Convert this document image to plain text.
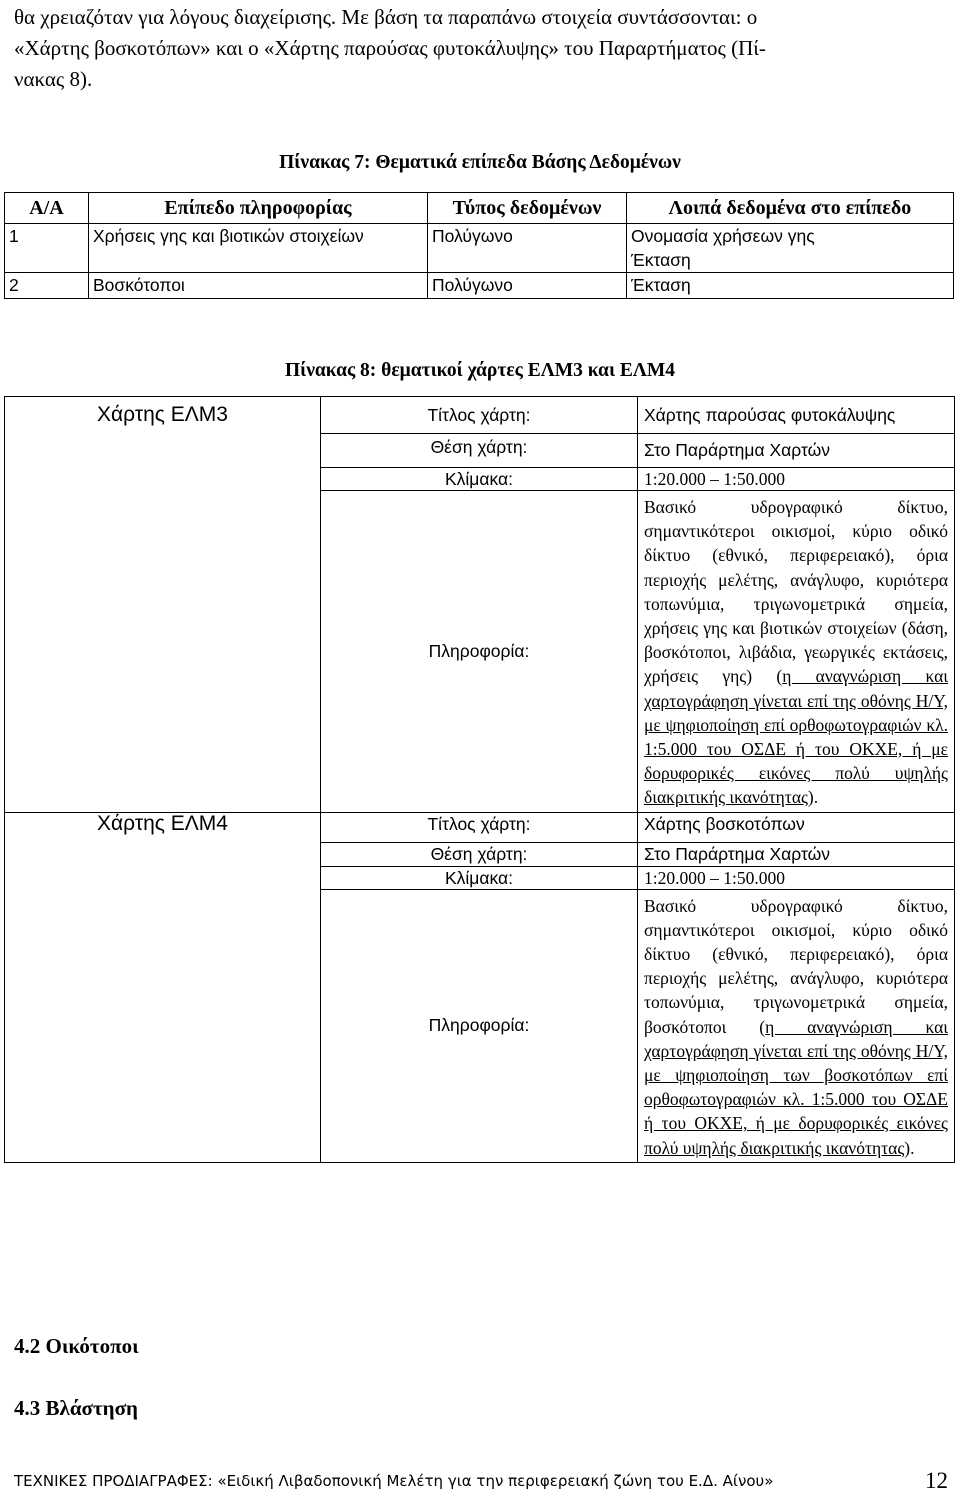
θα χρειαζόταν για λόγους διαχείρισης. Με βάση τα παραπάνω στοιχεία συντάσσονται: ο

«Χάρτης βοσκοτόπων» και ο «Χάρτης παρούσας φυτοκάλυψης» του Παραρτήματος (Πί-

νακας 8).

Πίνακας 7: Θεματικά επίπεδα Βάσης Δεδομένων
Α/Α	Επίπεδο πληροφορίας	Τύπος δεδομένων	Λοιπά δεδομένα στο επίπεδο
1	Χρήσεις γης και βιοτικών στοιχείων	Πολύγωνο	Ονομασία χρήσεων γης
Έκταση

2	Βοσκότοποι	Πολύγωνο	Έκταση
Πίνακας 8: θεματικοί χάρτες ΕΛΜ3 και ΕΛΜ4
Χάρτης ΕΛΜ3	Τίτλος χάρτη:	Χάρτης παρούσας φυτοκάλυψης
	Θέση χάρτη:	Στο Παράρτημα Χαρτών
	Κλίμακα:	1:20.000 – 1:50.000
	Πληροφορία:	Βασικό υδρογραφικό δίκτυο, σημαντικότεροι οικισμοί, κύριο οδικό δίκτυο (εθνικό, περιφερειακό), όρια περιοχής μελέτης, ανάγλυφο, κυριότερα τοπωνύμια, τριγωνομετρικά σημεία, χρήσεις γης και βιοτικών στοιχείων (δάση, βοσκότοποι, λιβάδια, γεωργικές εκτάσεις, χρήσεις γης) (η αναγνώριση και χαρτογράφηση γίνεται επί της οθόνης Η/Υ, με ψηφιοποίηση επί ορθοφωτογραφιών κλ. 1:5.000 του ΟΣΔΕ ή του ΟΚΧΕ, ή με δορυφορικές εικόνες πολύ υψηλής διακριτικής ικανότητας).
Χάρτης ΕΛΜ4	Τίτλος χάρτη:	Χάρτης βοσκοτόπων
	Θέση χάρτη:	Στο Παράρτημα Χαρτών
	Κλίμακα:	1:20.000 – 1:50.000
	Πληροφορία:	Βασικό υδρογραφικό δίκτυο, σημαντικότεροι οικισμοί, κύριο οδικό δίκτυο (εθνικό, περιφερειακό), όρια περιοχής μελέτης, ανάγλυφο, κυριότερα τοπωνύμια, τριγωνομετρικά σημεία, βοσκότοποι (η αναγνώριση και χαρτογράφηση γίνεται επί της οθόνης Η/Υ, με ψηφιοποίηση των βοσκοτόπων επί ορθοφωτογραφιών κλ. 1:5.000 του ΟΣΔΕ ή του ΟΚΧΕ, ή με δορυφορικές εικόνες πολύ υψηλής διακριτικής ικανότητας).
4.2 Οικότοποι
4.3 Βλάστηση
ΤΕΧΝΙΚΕΣ ΠΡΟΔΙΑΓΡΑΦΕΣ: «Ειδική Λιβαδοπονική Μελέτη για την περιφερειακή ζώνη του Ε.Δ. Αίνου»	12
